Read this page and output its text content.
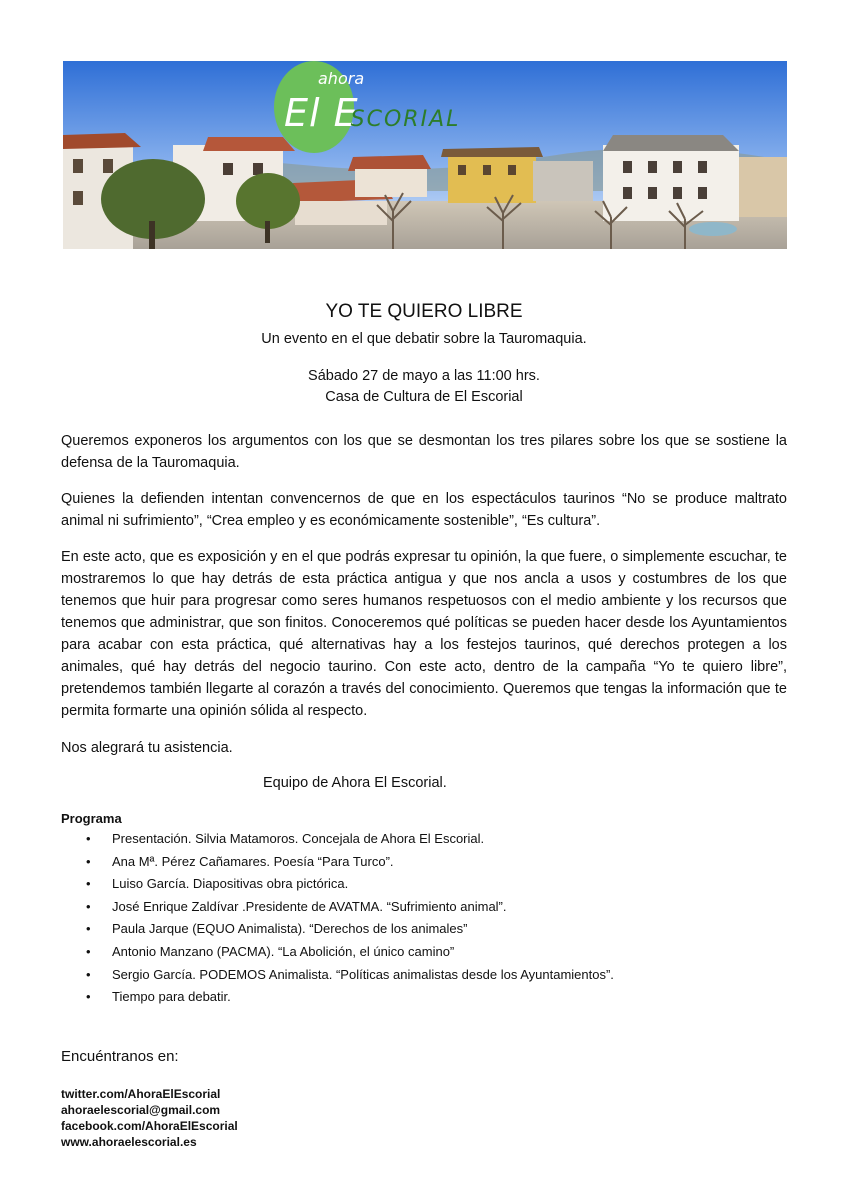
ahora
El ESCORIAL
YO TE QUIERO LIBRE
Un evento en el que debatir sobre la Tauromaquia.
Sábado 27 de mayo a las 11:00 hrs.
Casa de Cultura de El Escorial

Queremos exponeros los argumentos con los que se desmontan los tres pilares sobre los que se sostiene la defensa de la Tauromaquia.

Quienes la defienden intentan convencernos de que en los espectáculos taurinos “No se produce maltrato animal ni sufrimiento”, “Crea empleo y es económicamente sostenible”, “Es cultura”.

En este acto, que es exposición y en el que podrás expresar tu opinión, la que fuere, o simplemente escuchar, te mostraremos lo que hay detrás de esta práctica antigua y que nos ancla a usos y costumbres de los que tenemos que huir para progresar como seres humanos respetuosos con el medio ambiente y los recursos que tenemos que administrar, que son finitos. Conoceremos qué políticas se pueden hacer desde los Ayuntamientos para acabar con esta práctica, qué alternativas hay a los festejos taurinos, qué derechos protegen a los animales, qué hay detrás del negocio taurino. Con este acto, dentro de la campaña “Yo te quiero libre”, pretendemos también llegarte al corazón a través del conocimiento. Queremos que tengas la información que te permita formarte una opinión sólida al respecto.

Nos alegrará tu asistencia.

Equipo de Ahora El Escorial.
Programa
• Presentación. Silvia Matamoros. Concejala de Ahora El Escorial.
• Ana Mª. Pérez Cañamares. Poesía “Para Turco”.
• Luiso García. Diapositivas obra pictórica.
• José Enrique Zaldívar .Presidente de AVATMA. “Sufrimiento animal”.
• Paula Jarque (EQUO Animalista). “Derechos de los animales”
• Antonio Manzano (PACMA). “La Abolición, el único camino”
• Sergio García. PODEMOS Animalista. “Políticas animalistas desde los Ayuntamientos”.
• Tiempo para debatir.
Encuéntranos en:
twitter.com/AhoraElEscorial
ahoraelescorial@gmail.com
facebook.com/AhoraElEscorial
www.ahoraelescorial.es
